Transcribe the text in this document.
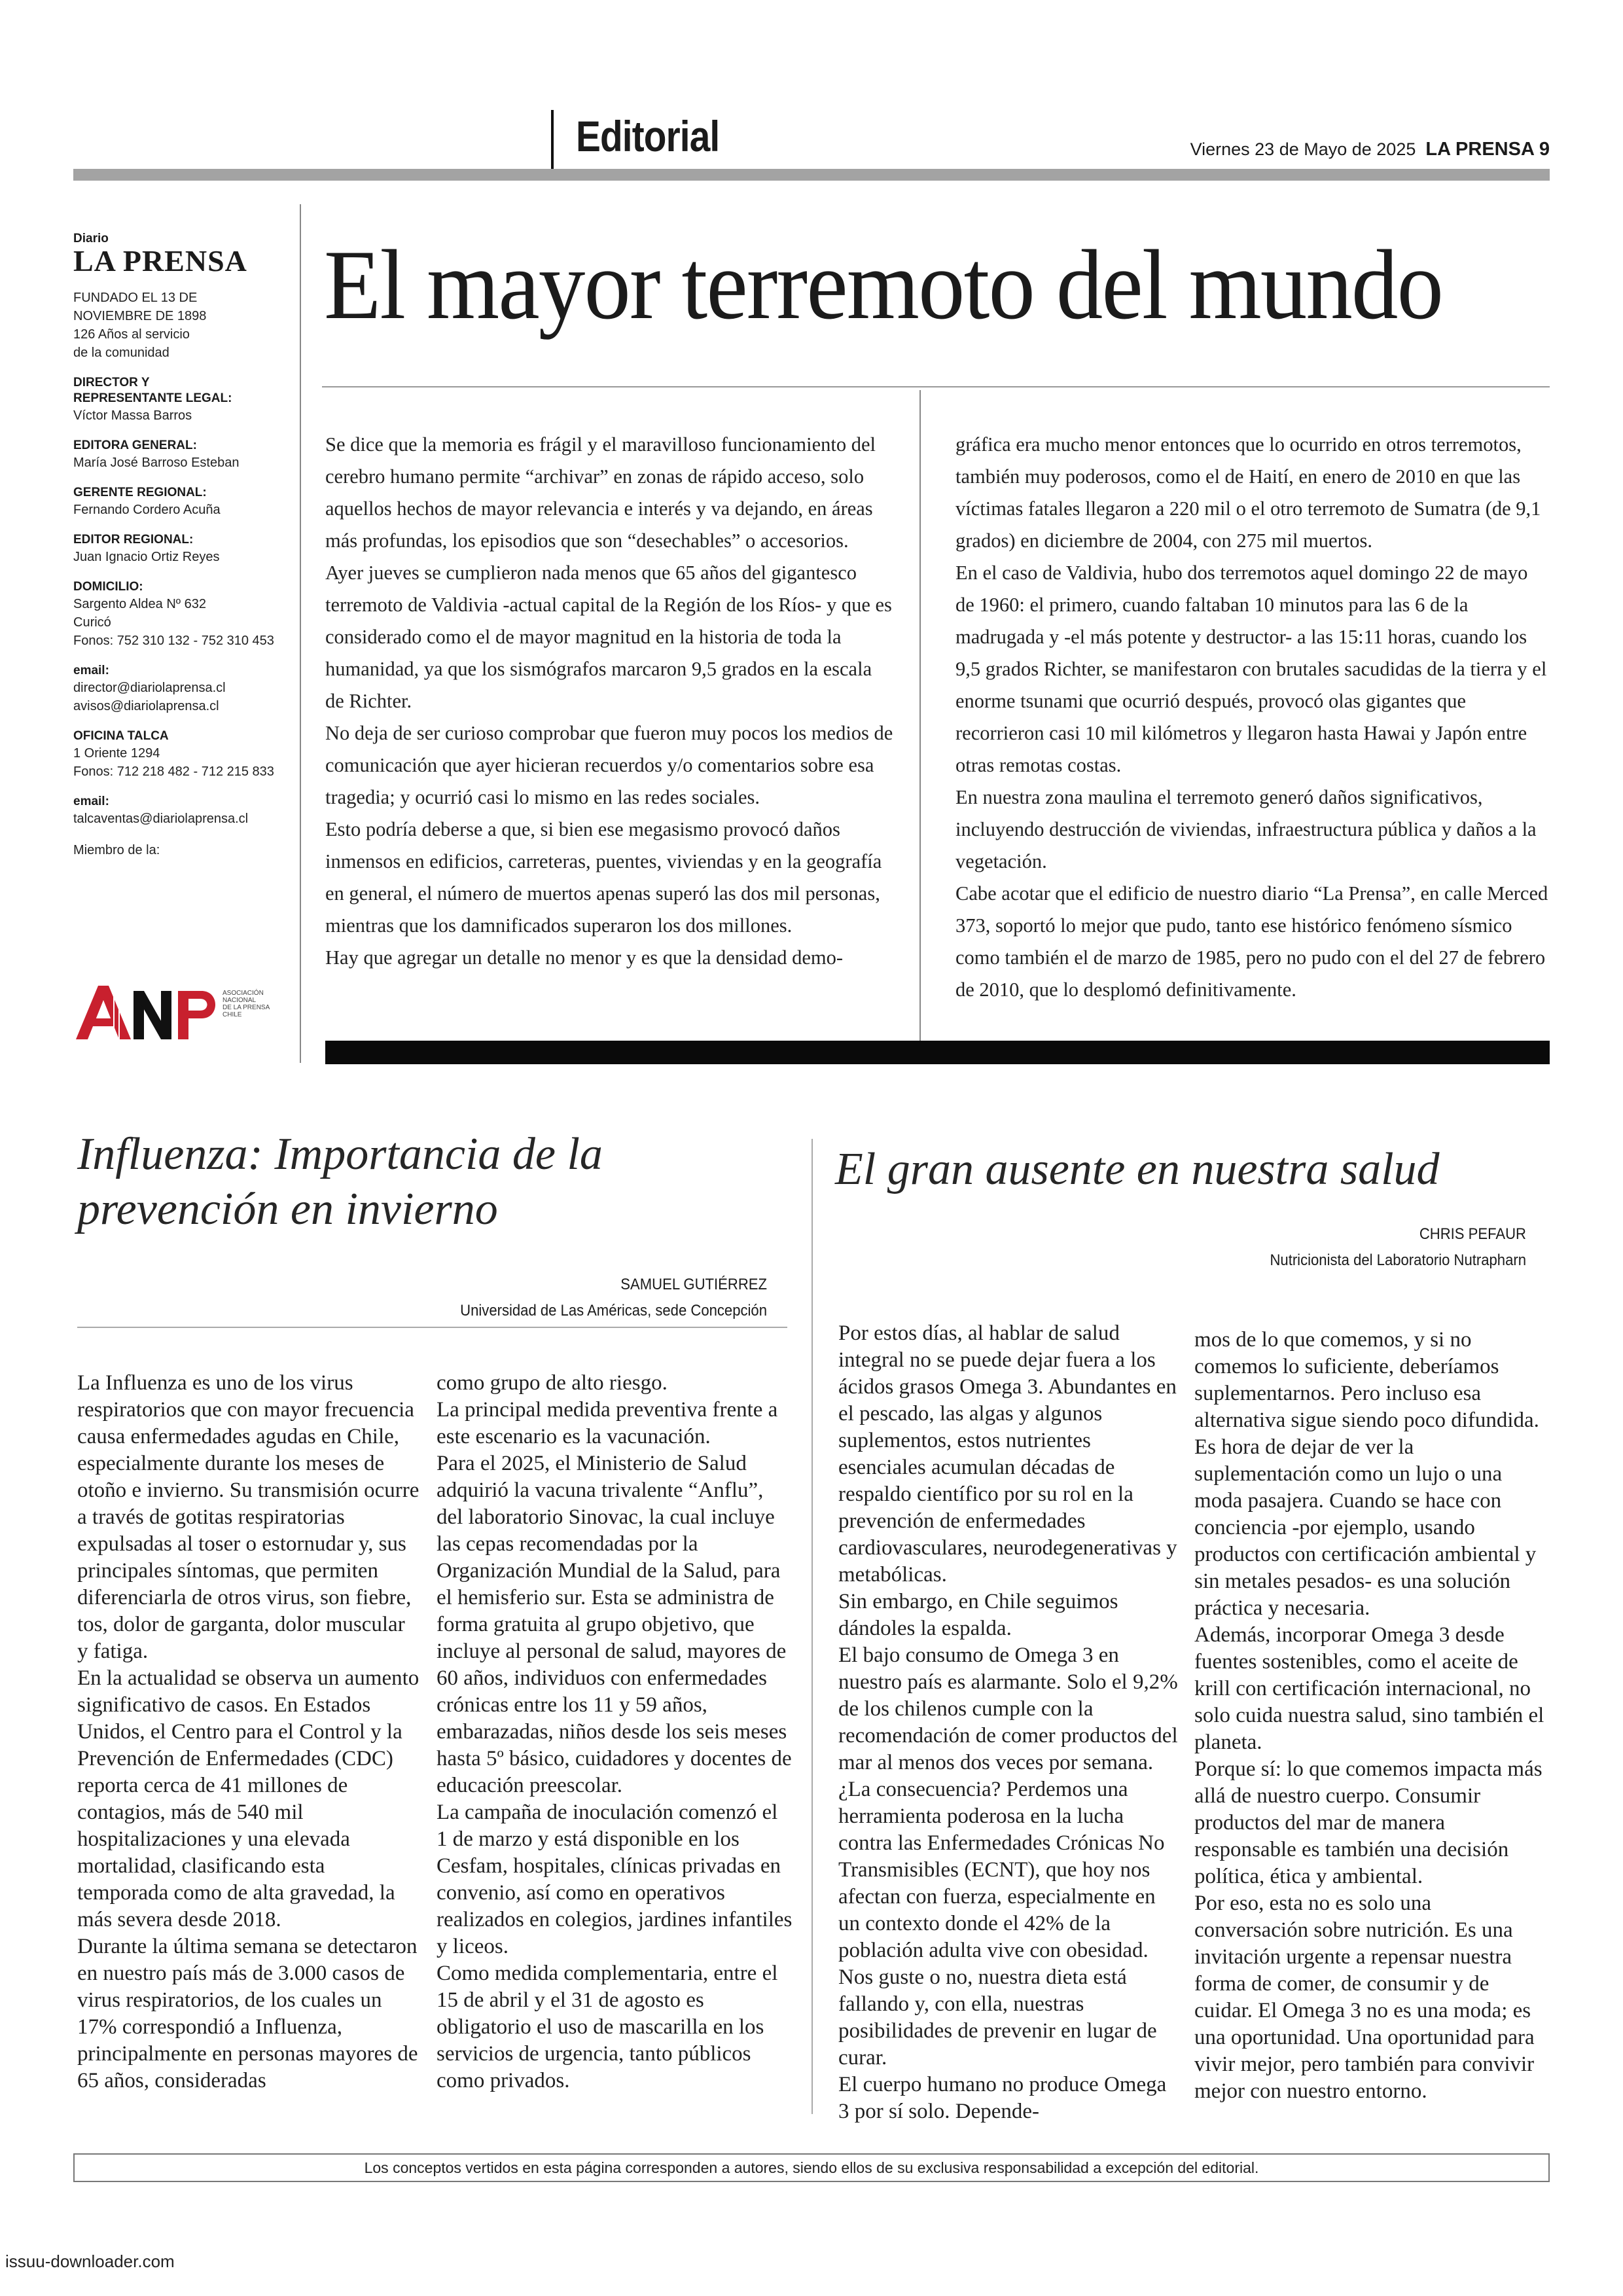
Editorial	Viernes 23 de Mayo de 2025 LA PRENSA 9
Diario
LA PRENSA
FUNDADO EL 13 DE
NOVIEMBRE DE 1898
126 Años al servicio
de la comunidad
DIRECTOR Y
REPRESENTANTE LEGAL:
Víctor Massa Barros
EDITORA GENERAL:
María José Barroso Esteban
GERENTE REGIONAL:
Fernando Cordero Acuña
EDITOR REGIONAL:
Juan Ignacio Ortiz Reyes
DOMICILIO:
Sargento Aldea Nº 632
Curicó
Fonos: 752 310 132 - 752 310 453
email:
director@diariolaprensa.cl
avisos@diariolaprensa.cl
OFICINA TALCA
1 Oriente 1294
Fonos: 712 218 482 - 712 215 833
email:
talcaventas@diariolaprensa.cl
Miembro de la:
ASOCIACIÓN
NACIONAL
DE LA PRENSA
CHILE
El mayor terremoto del mundo

Se dice que la memoria es frágil y el maravilloso funcionamiento del cerebro humano permite “archivar” en zonas de rápido acceso, solo aquellos hechos de mayor relevancia e interés y va dejando, en áreas más profundas, los episodios que son “desechables” o accesorios.

Ayer jueves se cumplieron nada menos que 65 años del gigantesco terremoto de Valdivia -actual capital de la Región de los Ríos- y que es considerado como el de mayor magnitud en la historia de toda la humanidad, ya que los sismógrafos marcaron 9,5 grados en la escala de Richter.

No deja de ser curioso comprobar que fueron muy pocos los medios de comunicación que ayer hicieran recuerdos y/o comentarios sobre esa tragedia; y ocurrió casi lo mismo en las redes sociales.

Esto podría deberse a que, si bien ese megasismo provocó daños inmensos en edificios, carreteras, puentes, viviendas y en la geografía en general, el número de muertos apenas superó las dos mil personas, mientras que los damnificados superaron los dos millones.

Hay que agregar un detalle no menor y es que la densidad demo-

gráfica era mucho menor entonces que lo ocurrido en otros terremotos, también muy poderosos, como el de Haití, en enero de 2010 en que las víctimas fatales llegaron a 220 mil o el otro terremoto de Sumatra (de 9,1 grados) en diciembre de 2004, con 275 mil muertos.

En el caso de Valdivia, hubo dos terremotos aquel domingo 22 de mayo de 1960: el primero, cuando faltaban 10 minutos para las 6 de la madrugada y -el más potente y destructor- a las 15:11 horas, cuando los 9,5 grados Richter, se manifestaron con brutales sacudidas de la tierra y el enorme tsunami que ocurrió después, provocó olas gigantes que recorrieron casi 10 mil kilómetros y llegaron hasta Hawai y Japón entre otras remotas costas.

En nuestra zona maulina el terremoto generó daños significativos, incluyendo destrucción de viviendas, infraestructura pública y daños a la vegetación.

Cabe acotar que el edificio de nuestro diario “La Prensa”, en calle Merced 373, soportó lo mejor que pudo, tanto ese histórico fenómeno sísmico como también el de marzo de 1985, pero no pudo con el del 27 de febrero de 2010, que lo desplomó definitivamente.

Influenza: Importancia de la prevención en invierno
SAMUEL GUTIÉRREZ
Universidad de Las Américas, sede Concepción

La Influenza es uno de los virus respiratorios que con mayor frecuencia causa enfermedades agudas en Chile, especialmente durante los meses de otoño e invierno. Su transmisión ocurre a través de gotitas respiratorias expulsadas al toser o estornudar y, sus principales síntomas, que permiten diferenciarla de otros virus, son fiebre, tos, dolor de garganta, dolor muscular y fatiga.

En la actualidad se observa un aumento significativo de casos. En Estados Unidos, el Centro para el Control y la Prevención de Enfermedades (CDC) reporta cerca de 41 millones de contagios, más de 540 mil hospitalizaciones y una elevada mortalidad, clasificando esta temporada como de alta gravedad, la más severa desde 2018.

Durante la última semana se detectaron en nuestro país más de 3.000 casos de virus respiratorios, de los cuales un 17% correspondió a Influenza, principalmente en personas mayores de 65 años, consideradas

como grupo de alto riesgo.

La principal medida preventiva frente a este escenario es la vacunación.

Para el 2025, el Ministerio de Salud adquirió la vacuna trivalente “Anflu”, del laboratorio Sinovac, la cual incluye las cepas recomendadas por la Organización Mundial de la Salud, para el hemisferio sur. Esta se administra de forma gratuita al grupo objetivo, que incluye al personal de salud, mayores de 60 años, individuos con enfermedades crónicas entre los 11 y 59 años, embarazadas, niños desde los seis meses hasta 5º básico, cuidadores y docentes de educación preescolar.

La campaña de inoculación comenzó el 1 de marzo y está disponible en los Cesfam, hospitales, clínicas privadas en convenio, así como en operativos realizados en colegios, jardines infantiles y liceos.

Como medida complementaria, entre el 15 de abril y el 31 de agosto es obligatorio el uso de mascarilla en los servicios de urgencia, tanto públicos como privados.

El gran ausente en nuestra salud
CHRIS PEFAUR
Nutricionista del Laboratorio Nutrapharn

Por estos días, al hablar de salud integral no se puede dejar fuera a los ácidos grasos Omega 3. Abundantes en el pescado, las algas y algunos suplementos, estos nutrientes esenciales acumulan décadas de respaldo científico por su rol en la prevención de enfermedades cardiovasculares, neurodegenerativas y metabólicas.

Sin embargo, en Chile seguimos dándoles la espalda.

El bajo consumo de Omega 3 en nuestro país es alarmante. Solo el 9,2% de los chilenos cumple con la recomendación de comer productos del mar al menos dos veces por semana. ¿La consecuencia? Perdemos una herramienta poderosa en la lucha contra las Enfermedades Crónicas No Transmisibles (ECNT), que hoy nos afectan con fuerza, especialmente en un contexto donde el 42% de la población adulta vive con obesidad. Nos guste o no, nuestra dieta está fallando y, con ella, nuestras posibilidades de prevenir en lugar de curar.

El cuerpo humano no produce Omega 3 por sí solo. Depende-

mos de lo que comemos, y si no comemos lo suficiente, deberíamos suplementarnos. Pero incluso esa alternativa sigue siendo poco difundida. Es hora de dejar de ver la suplementación como un lujo o una moda pasajera. Cuando se hace con conciencia -por ejemplo, usando productos con certificación ambiental y sin metales pesados- es una solución práctica y necesaria.

Además, incorporar Omega 3 desde fuentes sostenibles, como el aceite de krill con certificación internacional, no solo cuida nuestra salud, sino también el planeta.

Porque sí: lo que comemos impacta más allá de nuestro cuerpo. Consumir productos del mar de manera responsable es también una decisión política, ética y ambiental.

Por eso, esta no es solo una conversación sobre nutrición. Es una invitación urgente a repensar nuestra forma de comer, de consumir y de cuidar. El Omega 3 no es una moda; es una oportunidad. Una oportunidad para vivir mejor, pero también para convivir mejor con nuestro entorno.

Los conceptos vertidos en esta página corresponden a autores, siendo ellos de su exclusiva responsabilidad a excepción del editorial.
issuu-downloader.com
